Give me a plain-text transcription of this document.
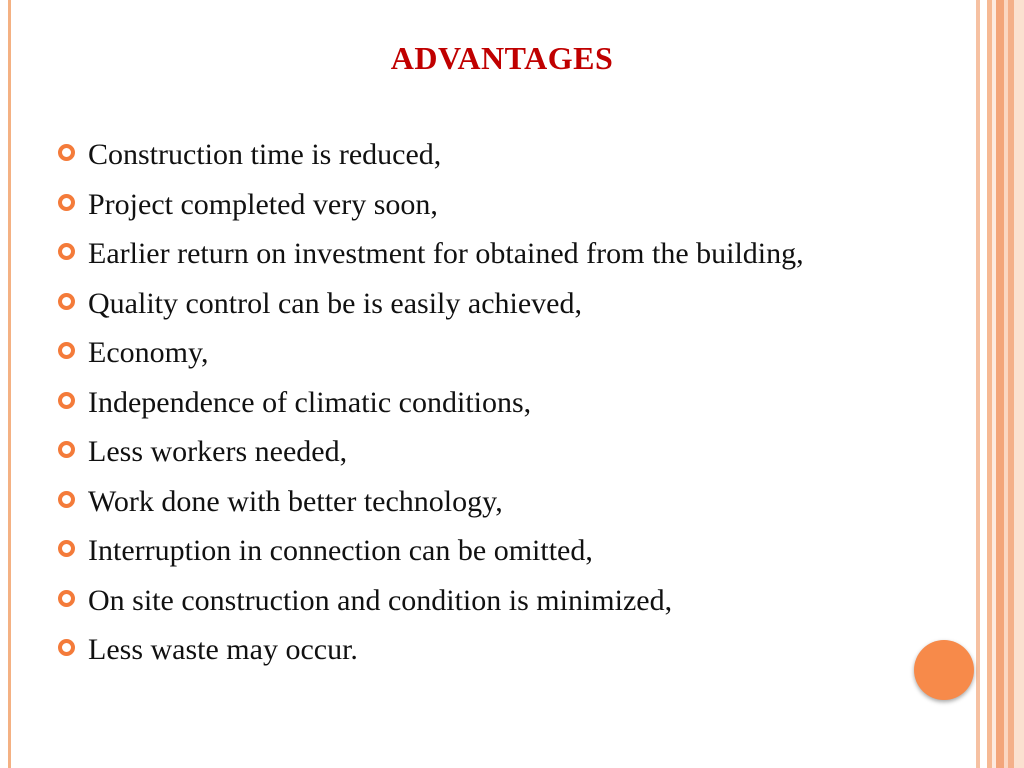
ADVANTAGES
Construction time is reduced,
Project completed very soon,
Earlier return on investment for obtained from the building,
Quality control can be is easily achieved,
Economy,
Independence of climatic conditions,
Less workers needed,
Work done with better technology,
Interruption in connection can be omitted,
On site construction and condition is minimized,
Less waste may occur.
